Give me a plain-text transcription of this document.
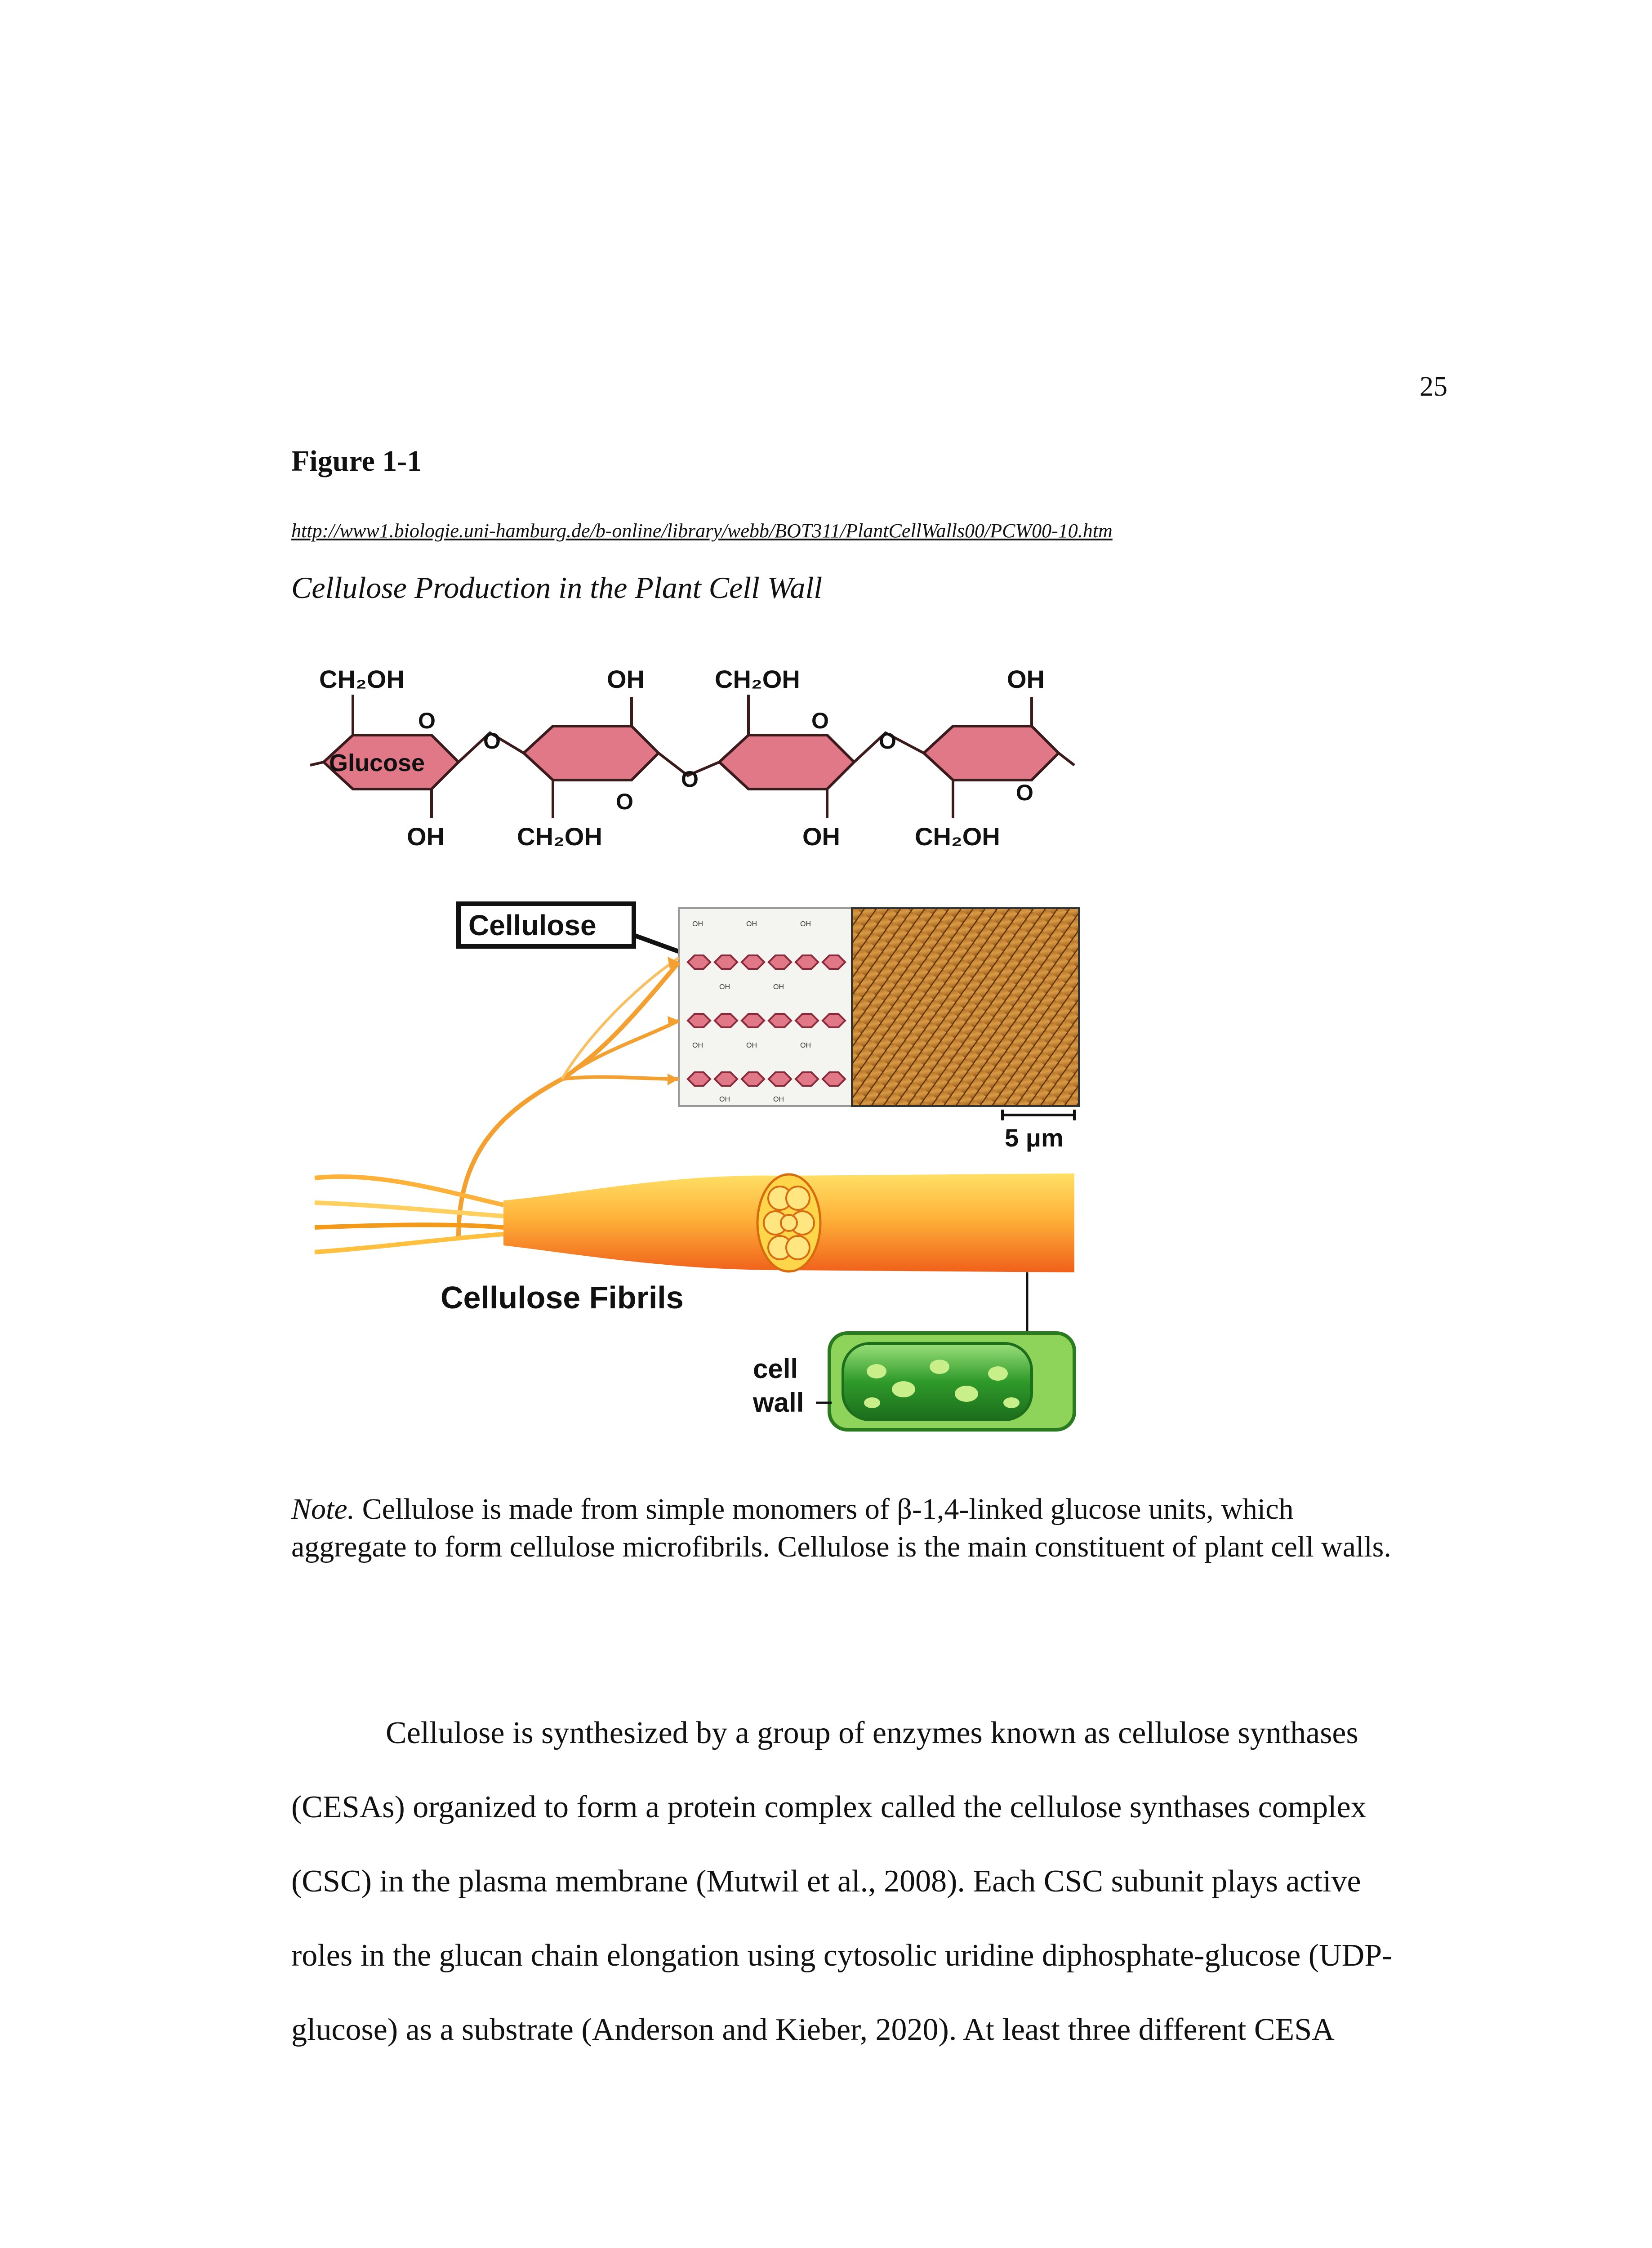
25
Figure 1-1
http://www1.biologie.uni-hamburg.de/b-online/library/webb/BOT311/PlantCellWalls00/PCW00-10.htm
Cellulose Production in the Plant Cell Wall
CH₂OH	OH	CH₂OH	OH
OH	CH₂OH	OH	CH₂OH
O
O
O
O
O
O
O
Glucose
Cellulose	OH	OH	OH
OH	OH
OH	OH	OH
OH	OH
5 μm
Cellulose Fibrils
cell
wall
Note. Cellulose is made from simple monomers of β-1,4-linked glucose units, which aggregate to form cellulose microfibrils. Cellulose is the main constituent of plant cell walls.
Cellulose is synthesized by a group of enzymes known as cellulose synthases
(CESAs) organized to form a protein complex called the cellulose synthases complex
(CSC) in the plasma membrane (Mutwil et al., 2008). Each CSC subunit plays active
roles in the glucan chain elongation using cytosolic uridine diphosphate-glucose (UDP-
glucose) as a substrate (Anderson and Kieber, 2020). At least three different CESA
